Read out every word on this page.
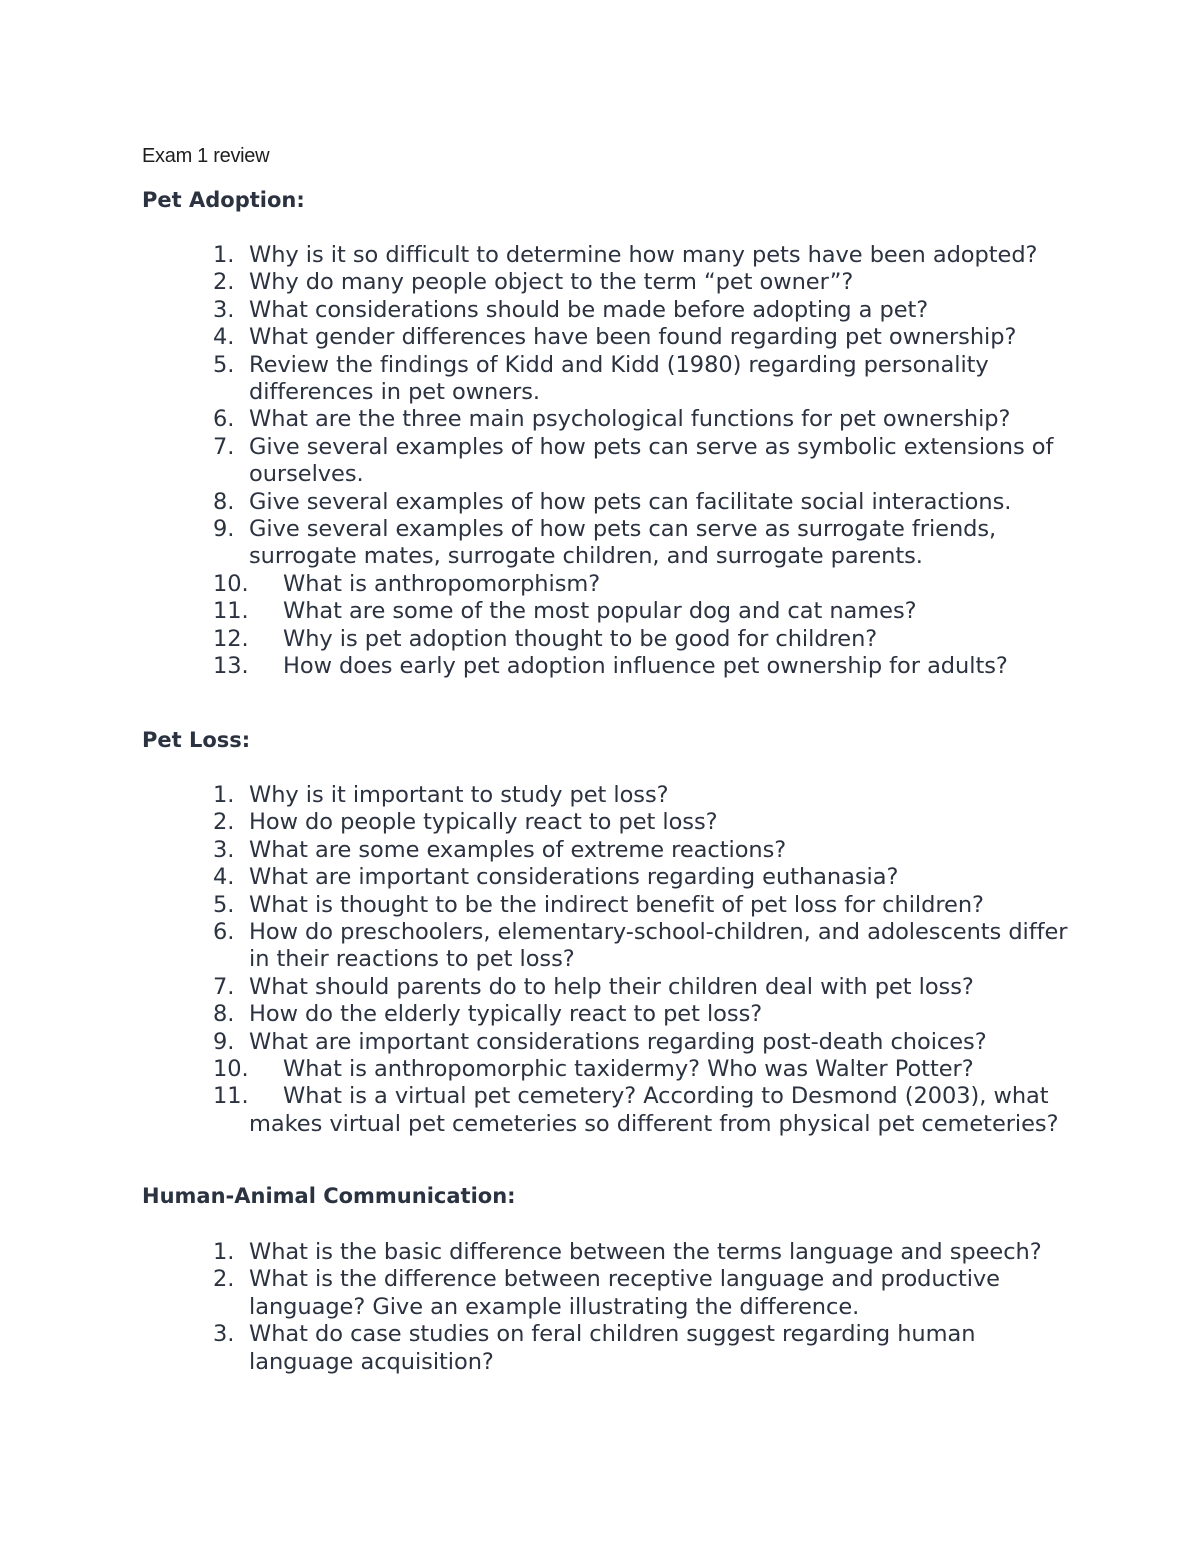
Exam 1 review
Pet Adoption:
1. Why is it so difficult to determine how many pets have been adopted?
2. Why do many people object to the term “pet owner”?
3. What considerations should be made before adopting a pet?
4. What gender differences have been found regarding pet ownership?
5. Review the findings of Kidd and Kidd (1980) regarding personality differences in pet owners.
6. What are the three main psychological functions for pet ownership?
7. Give several examples of how pets can serve as symbolic extensions of ourselves.
8. Give several examples of how pets can facilitate social interactions.
9. Give several examples of how pets can serve as surrogate friends, surrogate mates, surrogate children, and surrogate parents.
10. What is anthropomorphism?
11. What are some of the most popular dog and cat names?
12. Why is pet adoption thought to be good for children?
13. How does early pet adoption influence pet ownership for adults?
Pet Loss:
1. Why is it important to study pet loss?
2. How do people typically react to pet loss?
3. What are some examples of extreme reactions?
4. What are important considerations regarding euthanasia?
5. What is thought to be the indirect benefit of pet loss for children?
6. How do preschoolers, elementary-school-children, and adolescents differ in their reactions to pet loss?
7. What should parents do to help their children deal with pet loss?
8. How do the elderly typically react to pet loss?
9. What are important considerations regarding post-death choices?
10. What is anthropomorphic taxidermy? Who was Walter Potter?
11. What is a virtual pet cemetery? According to Desmond (2003), what makes virtual pet cemeteries so different from physical pet cemeteries?
Human-Animal Communication:
1. What is the basic difference between the terms language and speech?
2. What is the difference between receptive language and productive language? Give an example illustrating the difference.
3. What do case studies on feral children suggest regarding human language acquisition?
